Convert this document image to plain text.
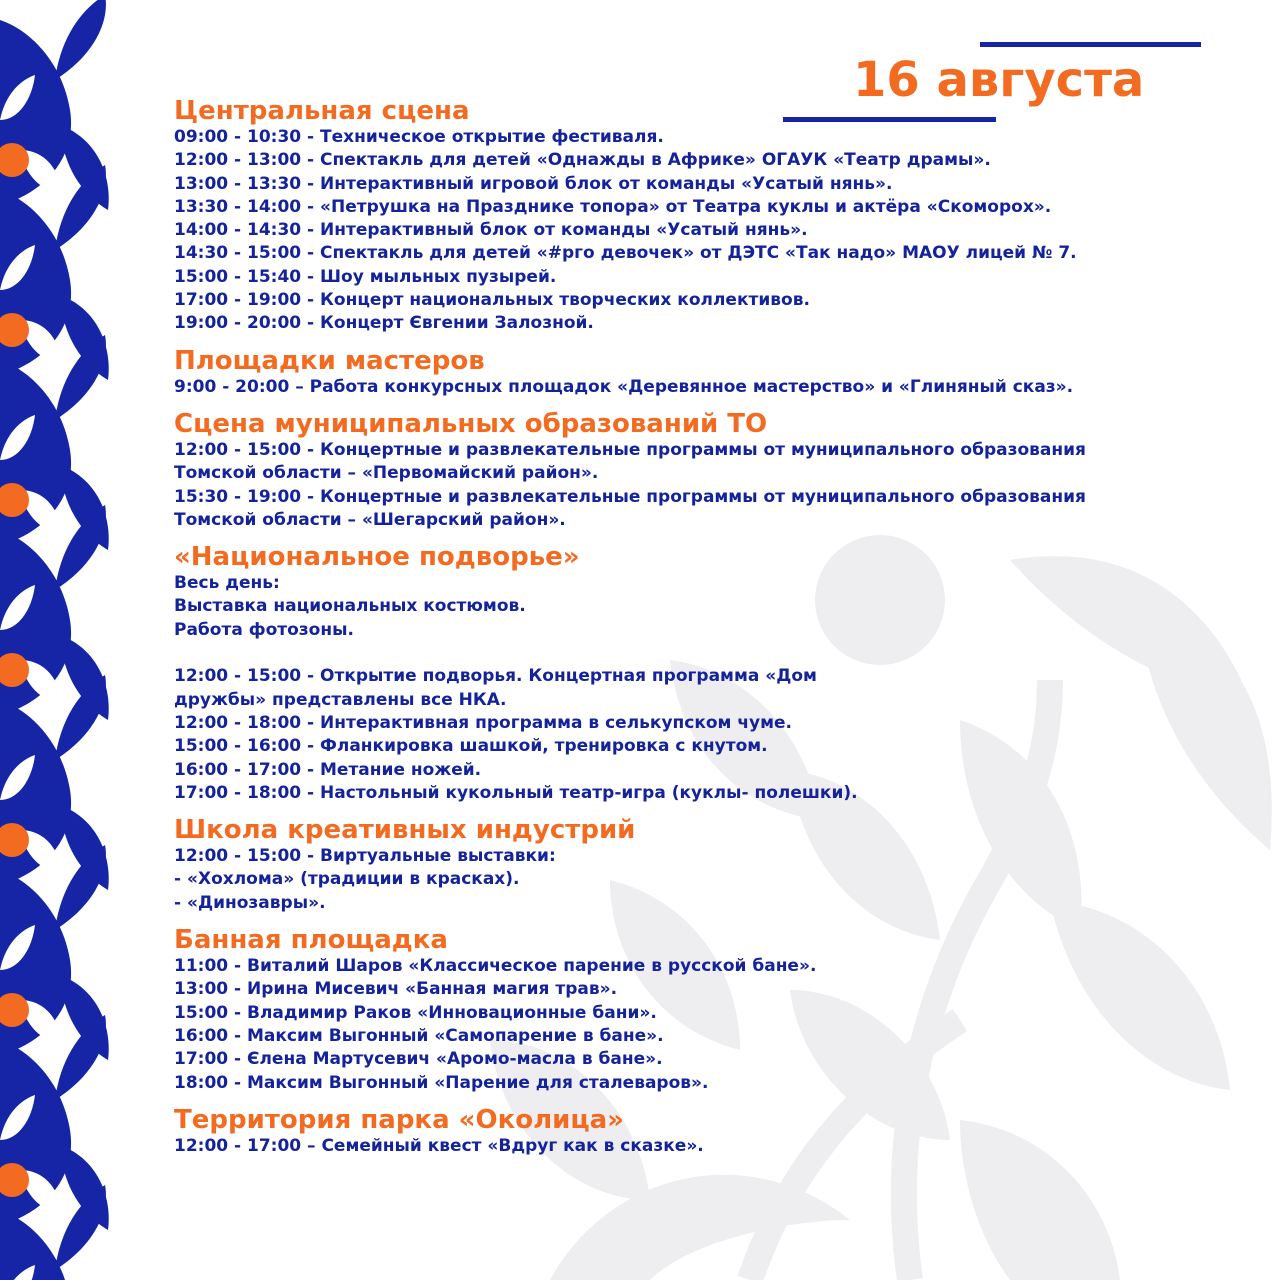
16 августа
Центральная сцена

09:00 - 10:30 - Техническое открытие фестиваля.

12:00 - 13:00 - Спектакль для детей «Однажды в Африке» ОГАУК «Театр драмы».

13:00 - 13:30 - Интерактивный игровой блок от команды «Усатый нянь».

13:30 - 14:00 - «Петрушка на Празднике топора» от Театра куклы и актёра «Скоморох».

14:00 - 14:30 - Интерактивный блок от команды «Усатый нянь».

14:30 - 15:00 - Спектакль для детей «#рго девочек» от ДЭТС «Так надо» МАОУ лицей № 7.

15:00 - 15:40 - Шоу мыльных пузырей.

17:00 - 19:00 - Концерт национальных творческих коллективов.

19:00 - 20:00 - Концерт Євгении Залозной.

Площадки мастеров

9:00 - 20:00 – Работа конкурсных площадок «Деревянное мастерство» и «Глиняный сказ».

Сцена муниципальных образований ТО

12:00 - 15:00 - Концертные и развлекательные программы от муниципального образования

Томской области – «Первомайский район».

15:30 - 19:00 - Концертные и развлекательные программы от муниципального образования

Томской области – «Шегарский район».

«Национальное подворье»

Весь день:

Выставка национальных костюмов.

Работа фотозоны.

12:00 - 15:00 - Открытие подворья. Концертная программа «Дом

дружбы» представлены все НКА.

12:00 - 18:00 - Интерактивная программа в селькупском чуме.

15:00 - 16:00 - Фланкировка шашкой, тренировка с кнутом.

16:00 - 17:00 - Метание ножей.

17:00 - 18:00 - Настольный кукольный театр-игра (куклы- полешки).

Школа креативных индустрий

12:00 - 15:00 - Виртуальные выставки:

- «Хохлома» (традиции в красках).

- «Динозавры».

Банная площадка

11:00 - Виталий Шаров «Классическое парение в русской бане».

13:00 - Ирина Мисевич «Банная магия трав».

15:00 - Владимир Раков «Инновационные бани».

16:00 - Максим Выгонный «Самопарение в бане».

17:00 - Єлена Мартусевич «Аромо-масла в бане».

18:00 - Максим Выгонный «Парение для сталеваров».

Территория парка «Околица»

12:00 - 17:00 – Семейный квест «Вдруг как в сказке».
